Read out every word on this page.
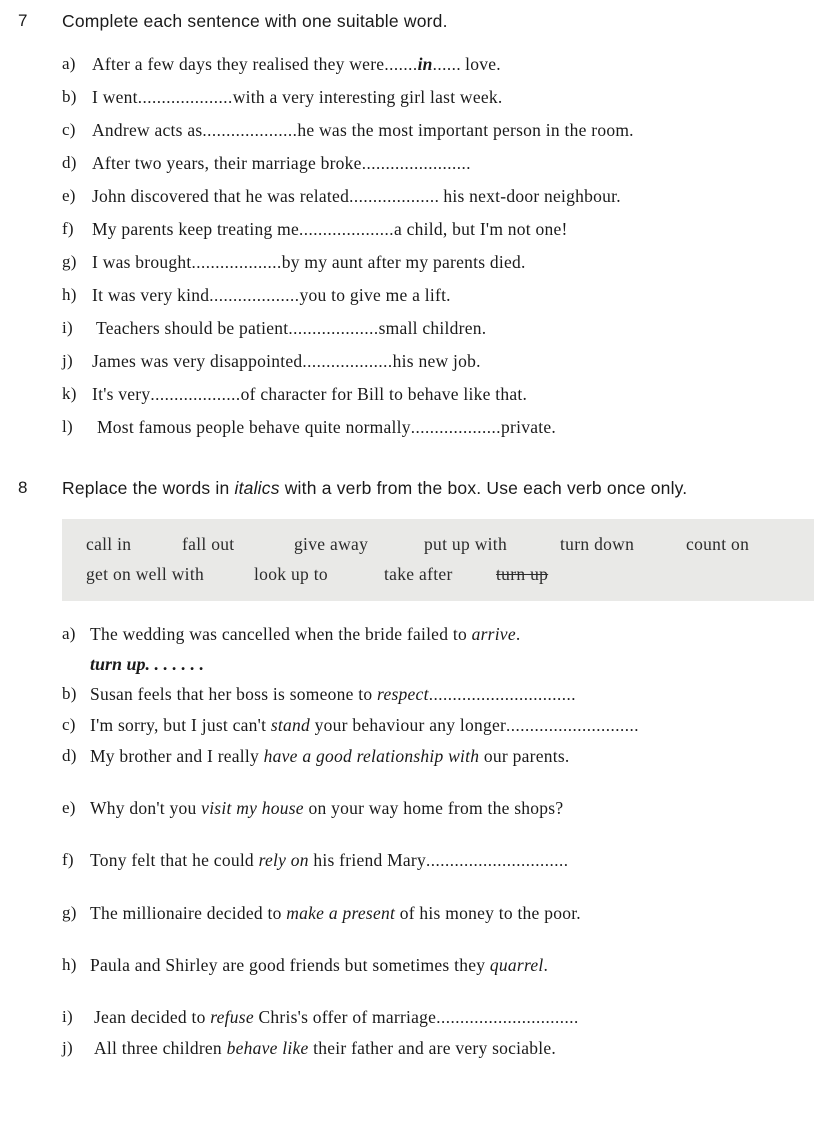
7 Complete each sentence with one suitable word.
a) After a few days they realised they were.......in...... love.
b) I went....................with a very interesting girl last week.
c) Andrew acts as....................he was the most important person in the room.
d) After two years, their marriage broke.......................
e) John discovered that he was related................... his next-door neighbour.
f) My parents keep treating me....................a child, but I'm not one!
g) I was brought...................by my aunt after my parents died.
h) It was very kind...................you to give me a lift.
i) Teachers should be patient...................small children.
j) James was very disappointed...................his new job.
k) It's very...................of character for Bill to behave like that.
l) Most famous people behave quite normally...................private.
8 Replace the words in italics with a verb from the box. Use each verb once only.
call in	fall out	give away	put up with	turn down	count on
get on well with	look up to	take after turn up
a) The wedding was cancelled when the bride failed to arrive.
turn up. . . . . . .
b) Susan feels that her boss is someone to respect...............................
c) I'm sorry, but I just can't stand your behaviour any longer............................
d) My brother and I really have a good relationship with our parents.
e) Why don't you visit my house on your way home from the shops?
f) Tony felt that he could rely on his friend Mary..............................
g) The millionaire decided to make a present of his money to the poor.
h) Paula and Shirley are good friends but sometimes they quarrel.
i) Jean decided to refuse Chris's offer of marriage..............................
j) All three children behave like their father and are very sociable.
